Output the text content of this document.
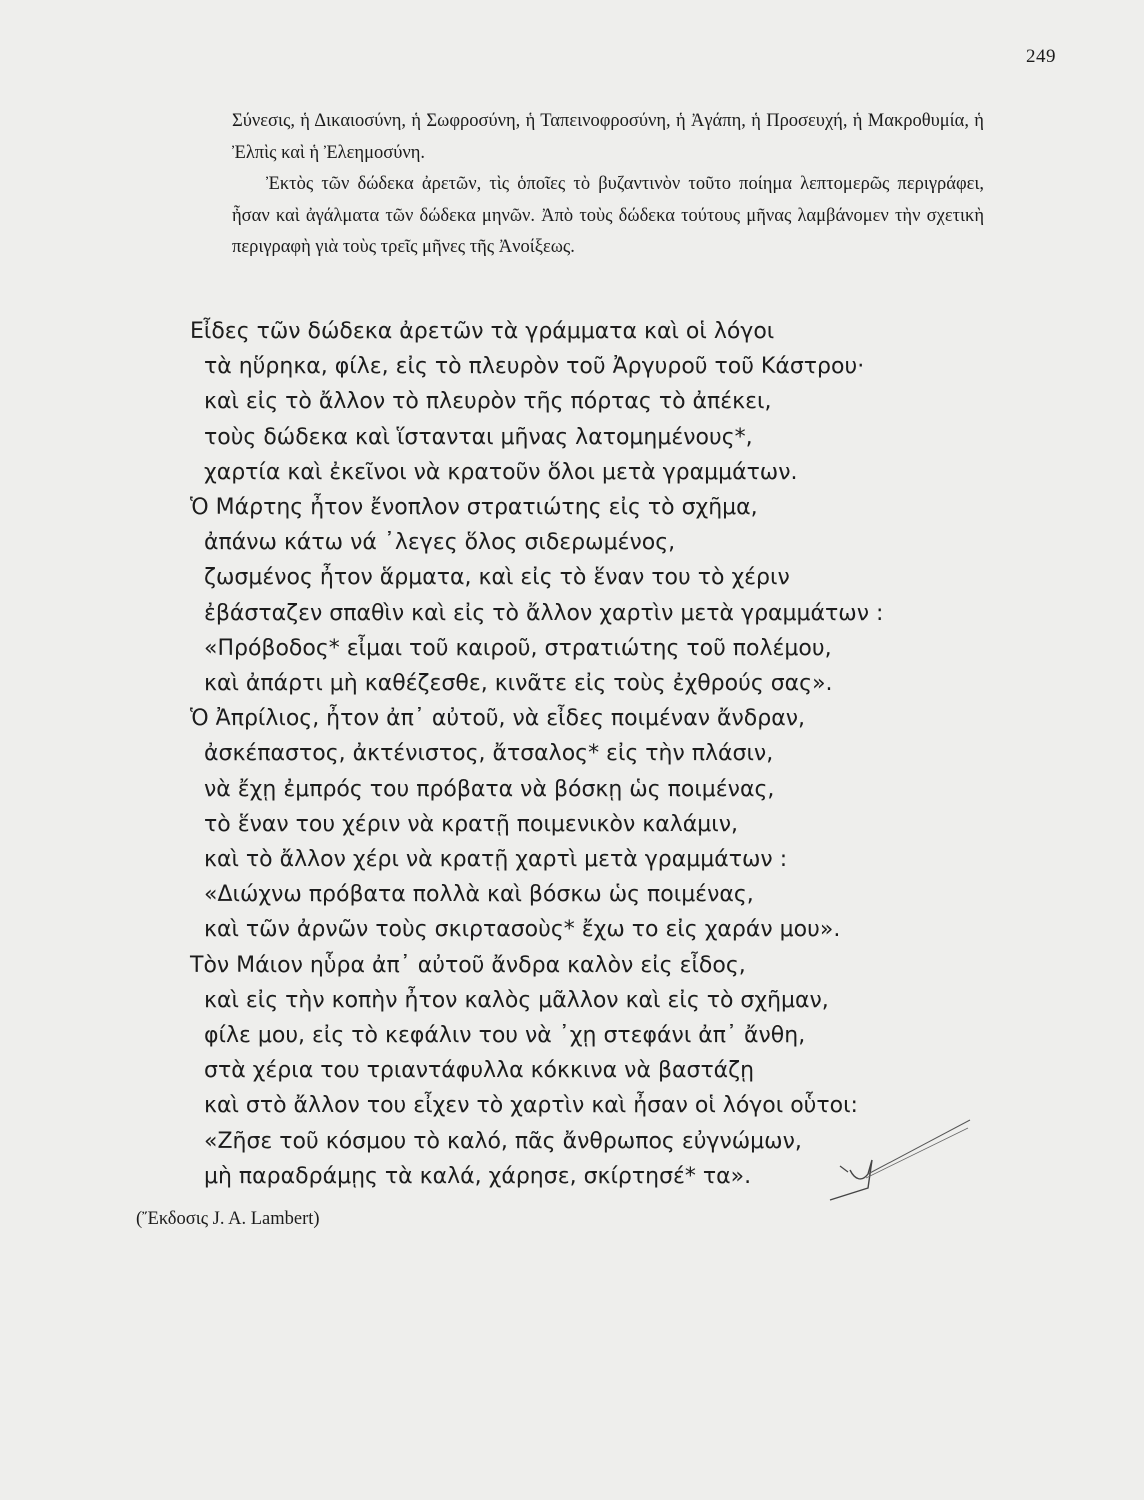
249

Σύνεσις, ἡ Δικαιοσύνη, ἡ Σωφροσύνη, ἡ Ταπεινοφροσύνη, ἡ Ἀγάπη, ἡ Προσευχή, ἡ Μακροθυμία, ἡ Ἐλπὶς καὶ ἡ Ἐλεημοσύνη.

Ἐκτὸς τῶν δώδεκα ἀρετῶν, τὶς ὁποῖες τὸ βυζαντινὸν τοῦτο ποίημα λεπτομερῶς περιγράφει, ἦσαν καὶ ἀγάλματα τῶν δώδεκα μηνῶν. Ἀπὸ τοὺς δώδεκα τούτους μῆνας λαμβάνομεν τὴν σχετικὴ περιγραφὴ γιὰ τοὺς τρεῖς μῆνες τῆς Ἀνοίξεως.

Εἶδες τῶν δώδεκα ἀρετῶν τὰ γράμματα καὶ οἱ λόγοι
τὰ ηὕρηκα, φίλε, εἰς τὸ πλευρὸν τοῦ Ἀργυροῦ τοῦ Κάστρου·
καὶ εἰς τὸ ἄλλον τὸ πλευρὸν τῆς πόρτας τὸ ἀπέκει,
τοὺς δώδεκα καὶ ἵστανται μῆνας λατομημένους*,
χαρτία καὶ ἐκεῖνοι νὰ κρατοῦν ὅλοι μετὰ γραμμάτων.
Ὁ Μάρτης ἦτον ἔνοπλον στρατιώτης εἰς τὸ σχῆμα,
ἀπάνω κάτω νά ᾿λεγες ὅλος σιδερωμένος,
ζωσμένος ἦτον ἅρματα, καὶ εἰς τὸ ἕναν του τὸ χέριν
ἐβάσταζεν σπαθὶν καὶ εἰς τὸ ἄλλον χαρτὶν μετὰ γραμμάτων :
«Πρόβοδος* εἶμαι τοῦ καιροῦ, στρατιώτης τοῦ πολέμου,
καὶ ἀπάρτι μὴ καθέζεσθε, κινᾶτε εἰς τοὺς ἐχθρούς σας».
Ὁ Ἀπρίλιος, ἦτον ἀπ᾿ αὐτοῦ, νὰ εἶδες ποιμέναν ἄνδραν,
ἀσκέπαστος, ἀκτένιστος, ἄτσαλος* εἰς τὴν πλάσιν,
νὰ ἔχῃ ἐμπρός του πρόβατα νὰ βόσκῃ ὡς ποιμένας,
τὸ ἕναν του χέριν νὰ κρατῇ ποιμενικὸν καλάμιν,
καὶ τὸ ἄλλον χέρι νὰ κρατῇ χαρτὶ μετὰ γραμμάτων :
«Διώχνω πρόβατα πολλὰ καὶ βόσκω ὡς ποιμένας,
καὶ τῶν ἀρνῶν τοὺς σκιρτασοὺς* ἔχω το εἰς χαράν μου».
Τὸν Μάιον ηὗρα ἀπ᾿ αὐτοῦ ἄνδρα καλὸν εἰς εἶδος,
καὶ εἰς τὴν κοπὴν ἦτον καλὸς μᾶλλον καὶ εἰς τὸ σχῆμαν,
φίλε μου, εἰς τὸ κεφάλιν του νὰ ᾿χῃ στεφάνι ἀπ᾿ ἄνθη,
στὰ χέρια του τριαντάφυλλα κόκκινα νὰ βαστάζῃ
καὶ στὸ ἄλλον του εἶχεν τὸ χαρτὶν καὶ ἦσαν οἱ λόγοι οὗτοι:
«Ζῆσε τοῦ κόσμου τὸ καλό, πᾶς ἄνθρωπος εὐγνώμων,
μὴ παραδράμῃς τὰ καλά, χάρησε, σκίρτησέ* τα».
(Ἔκδοσις J. A. Lambert)
